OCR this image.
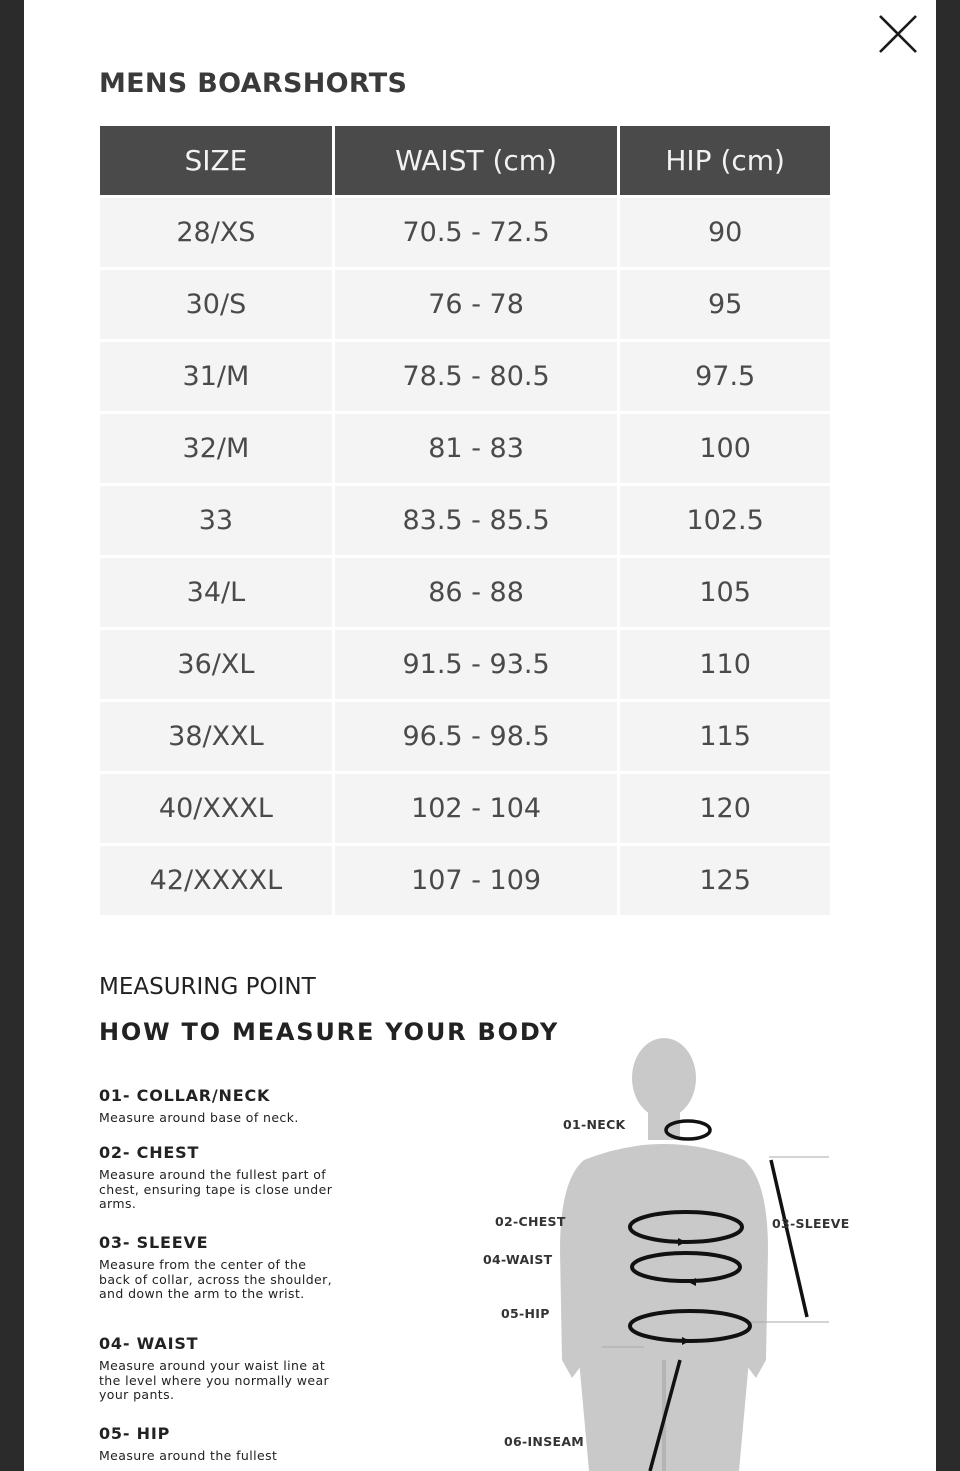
MENS BOARSHORTS
SIZE	WAIST (cm)	HIP (cm)
28/XS	70.5 - 72.5	90
30/S	76 - 78	95
31/M	78.5 - 80.5	97.5
32/M	81 - 83	100
33	83.5 - 85.5	102.5
34/L	86 - 88	105
36/XL	91.5 - 93.5	110
38/XXL	96.5 - 98.5	115
40/XXXL	102 - 104	120
42/XXXXL	107 - 109	125
MEASURING POINT
HOW TO MEASURE YOUR BODY
01- COLLAR/NECK
Measure around base of neck.
02- CHEST
Measure around the fullest part of chest, ensuring tape is close under arms.
03- SLEEVE
Measure from the center of the back of collar, across the shoulder, and down the arm to the wrist.
04- WAIST
Measure around your waist line at the level where you normally wear your pants.
05- HIP
Measure around the fullest
01-NECK
02-CHEST	03-SLEEVE
04-WAIST
05-HIP
06-INSEAM
